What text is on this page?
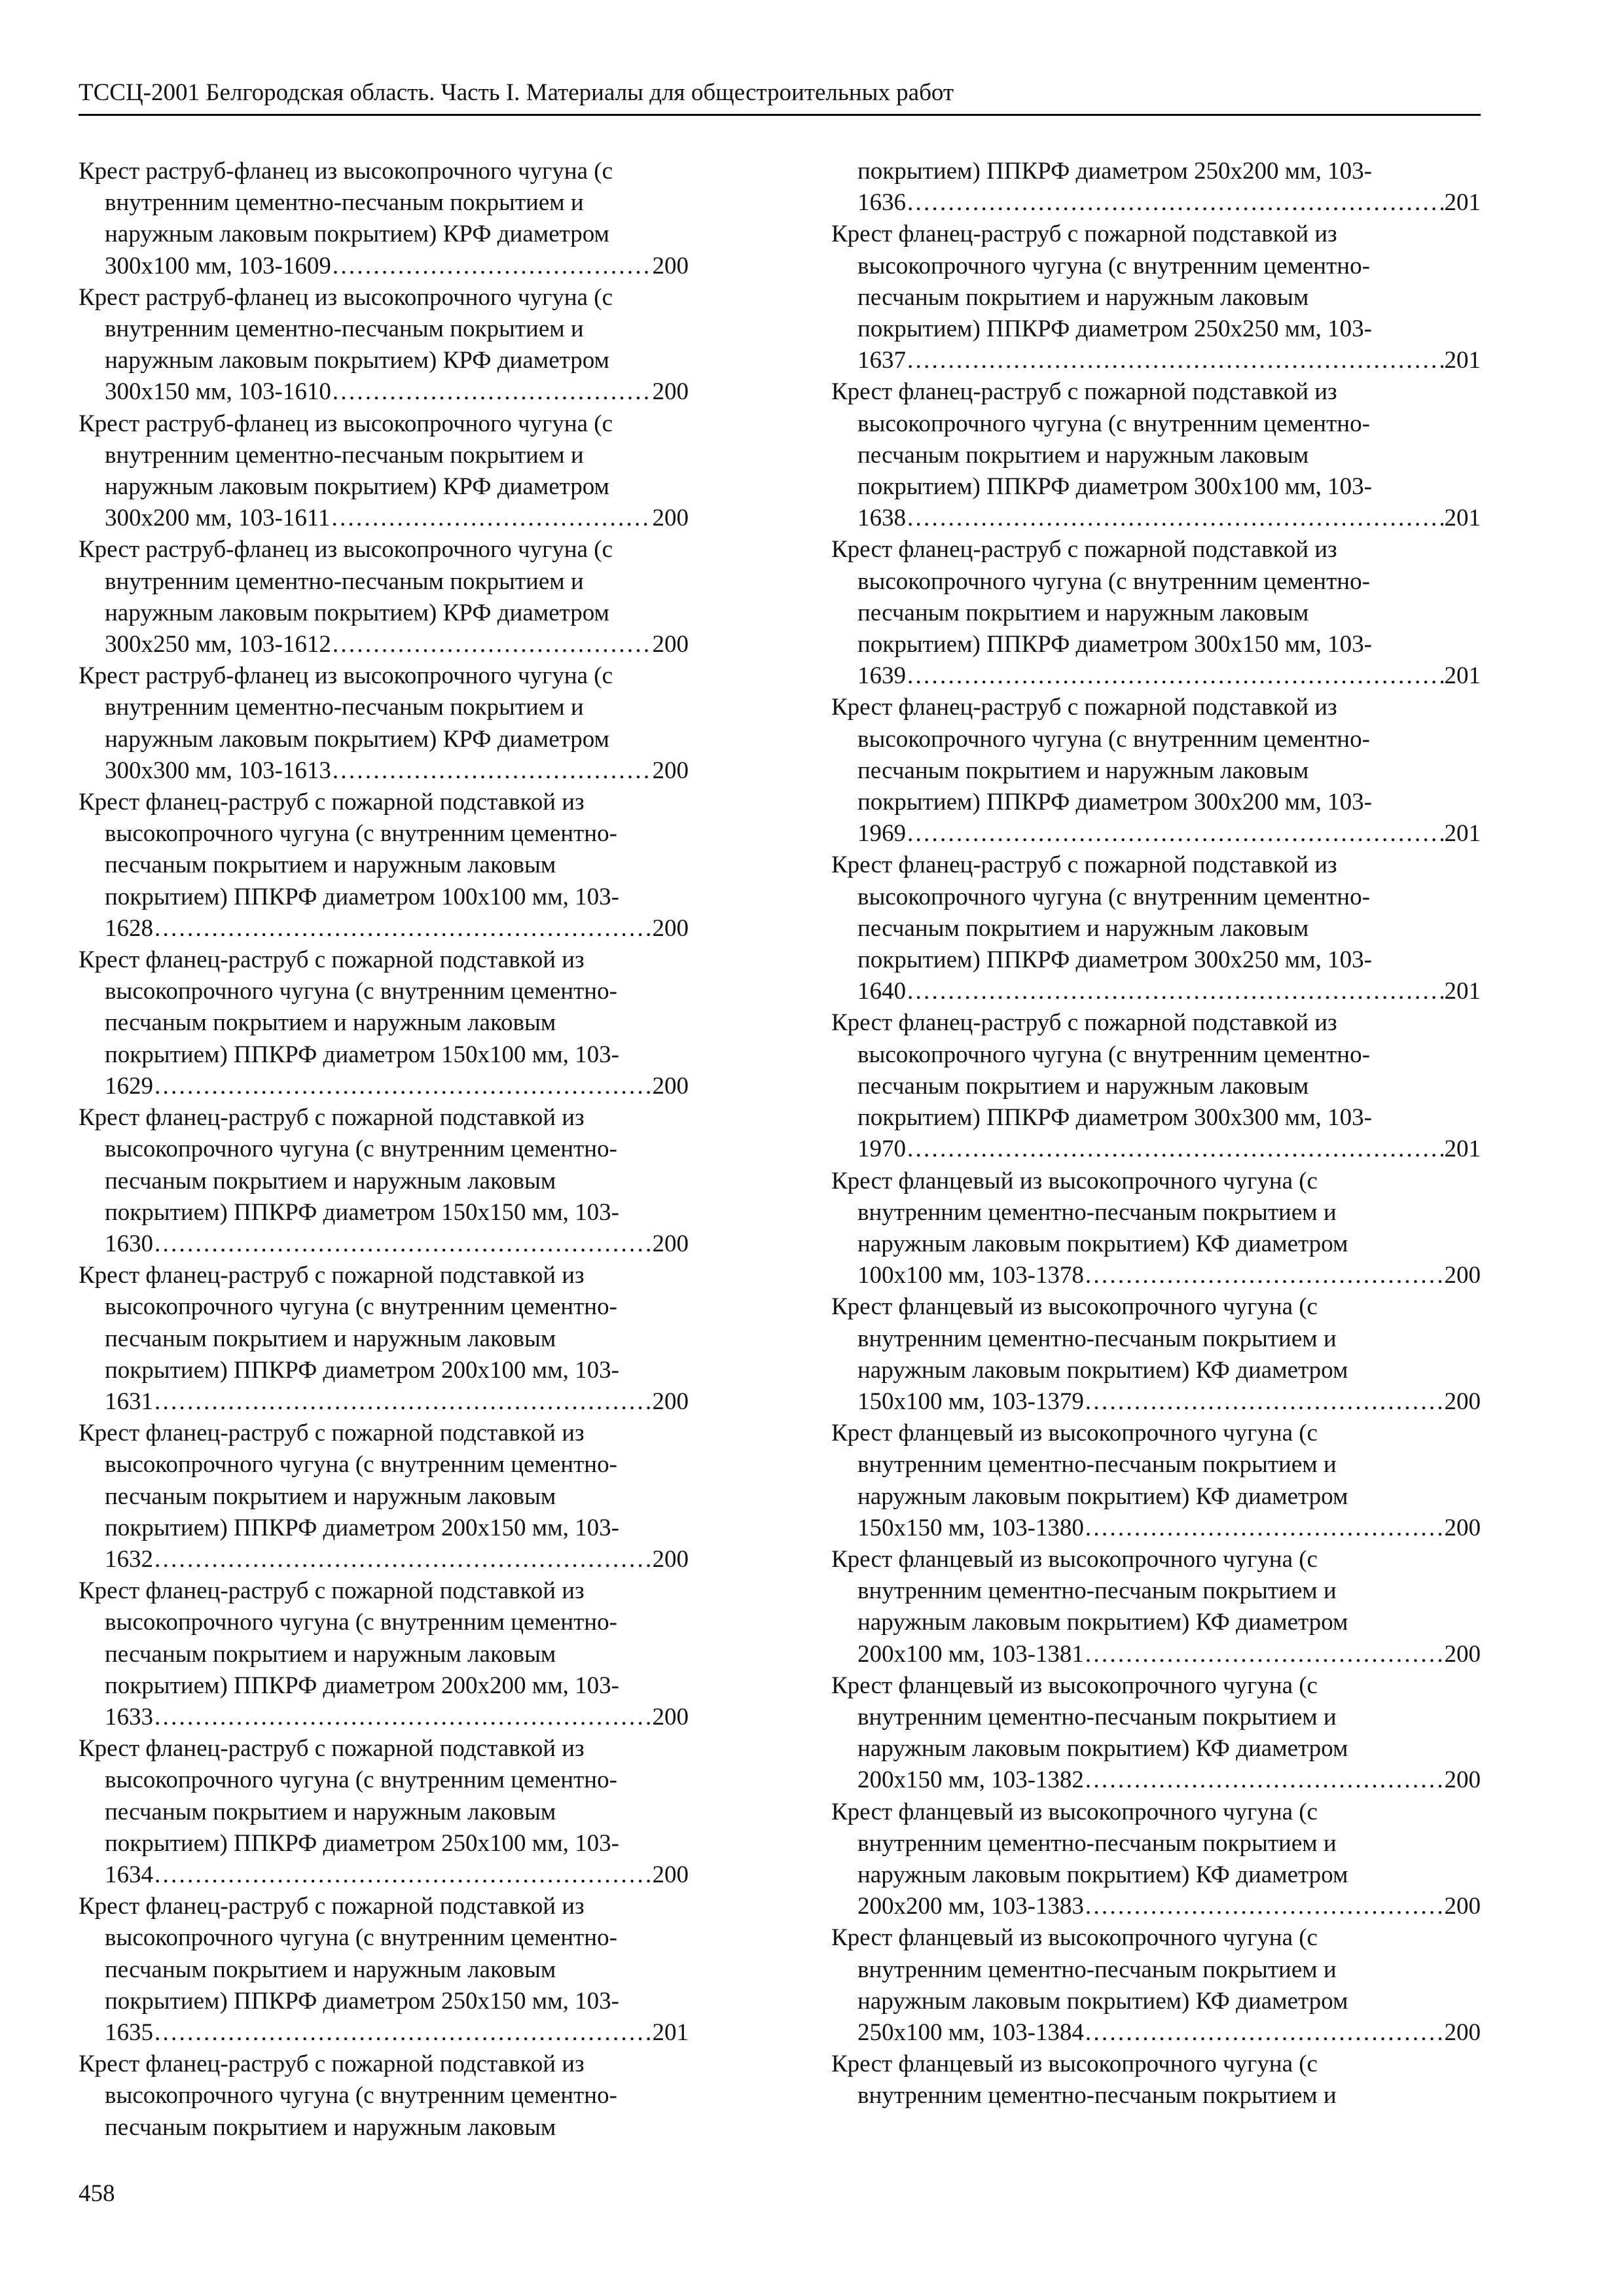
ТССЦ-2001 Белгородская область. Часть I. Материалы для общестроительных работ
Крест раструб-фланец из высокопрочного чугуна (с
внутренним цементно-песчаным покрытием и
наружным лаковым покрытием) КРФ диаметром
300x100 мм, 103-1609 . . .	200
Крест раструб-фланец из высокопрочного чугуна (с
внутренним цементно-песчаным покрытием и
наружным лаковым покрытием) КРФ диаметром
300x150 мм, 103-1610 . . .	200
Крест раструб-фланец из высокопрочного чугуна (с
внутренним цементно-песчаным покрытием и
наружным лаковым покрытием) КРФ диаметром
300x200 мм, 103-1611 . . .	200
Крест раструб-фланец из высокопрочного чугуна (с
внутренним цементно-песчаным покрытием и
наружным лаковым покрытием) КРФ диаметром
300x250 мм, 103-1612 . . .	200
Крест раструб-фланец из высокопрочного чугуна (с
внутренним цементно-песчаным покрытием и
наружным лаковым покрытием) КРФ диаметром
300x300 мм, 103-1613 . . .	200
Крест фланец-раструб с пожарной подставкой из
высокопрочного чугуна (с внутренним цементно-
песчаным покрытием и наружным лаковым
покрытием) ППКРФ диаметром 100x100 мм, 103-
1628 . . .	200
Крест фланец-раструб с пожарной подставкой из
высокопрочного чугуна (с внутренним цементно-
песчаным покрытием и наружным лаковым
покрытием) ППКРФ диаметром 150x100 мм, 103-
1629 . . .	200
Крест фланец-раструб с пожарной подставкой из
высокопрочного чугуна (с внутренним цементно-
песчаным покрытием и наружным лаковым
покрытием) ППКРФ диаметром 150x150 мм, 103-
1630 . . .	200
Крест фланец-раструб с пожарной подставкой из
высокопрочного чугуна (с внутренним цементно-
песчаным покрытием и наружным лаковым
покрытием) ППКРФ диаметром 200x100 мм, 103-
1631 . . .	200
Крест фланец-раструб с пожарной подставкой из
высокопрочного чугуна (с внутренним цементно-
песчаным покрытием и наружным лаковым
покрытием) ППКРФ диаметром 200x150 мм, 103-
1632 . . .	200
Крест фланец-раструб с пожарной подставкой из
высокопрочного чугуна (с внутренним цементно-
песчаным покрытием и наружным лаковым
покрытием) ППКРФ диаметром 200x200 мм, 103-
1633 . . .	200
Крест фланец-раструб с пожарной подставкой из
высокопрочного чугуна (с внутренним цементно-
песчаным покрытием и наружным лаковым
покрытием) ППКРФ диаметром 250x100 мм, 103-
1634 . . .	200
Крест фланец-раструб с пожарной подставкой из
высокопрочного чугуна (с внутренним цементно-
песчаным покрытием и наружным лаковым
покрытием) ППКРФ диаметром 250x150 мм, 103-
1635 . . .	201
Крест фланец-раструб с пожарной подставкой из
высокопрочного чугуна (с внутренним цементно-
песчаным покрытием и наружным лаковым
покрытием) ППКРФ диаметром 250x200 мм, 103-
1636 . . .	201
Крест фланец-раструб с пожарной подставкой из
высокопрочного чугуна (с внутренним цементно-
песчаным покрытием и наружным лаковым
покрытием) ППКРФ диаметром 250x250 мм, 103-
1637 . . .	201
Крест фланец-раструб с пожарной подставкой из
высокопрочного чугуна (с внутренним цементно-
песчаным покрытием и наружным лаковым
покрытием) ППКРФ диаметром 300x100 мм, 103-
1638 . . .	201
Крест фланец-раструб с пожарной подставкой из
высокопрочного чугуна (с внутренним цементно-
песчаным покрытием и наружным лаковым
покрытием) ППКРФ диаметром 300x150 мм, 103-
1639 . . .	201
Крест фланец-раструб с пожарной подставкой из
высокопрочного чугуна (с внутренним цементно-
песчаным покрытием и наружным лаковым
покрытием) ППКРФ диаметром 300x200 мм, 103-
1969 . . .	201
Крест фланец-раструб с пожарной подставкой из
высокопрочного чугуна (с внутренним цементно-
песчаным покрытием и наружным лаковым
покрытием) ППКРФ диаметром 300x250 мм, 103-
1640 . . .	201
Крест фланец-раструб с пожарной подставкой из
высокопрочного чугуна (с внутренним цементно-
песчаным покрытием и наружным лаковым
покрытием) ППКРФ диаметром 300x300 мм, 103-
1970 . . .	201
Крест фланцевый из высокопрочного чугуна (с
внутренним цементно-песчаным покрытием и
наружным лаковым покрытием) КФ диаметром
100x100 мм, 103-1378 . . .	200
Крест фланцевый из высокопрочного чугуна (с
внутренним цементно-песчаным покрытием и
наружным лаковым покрытием) КФ диаметром
150x100 мм, 103-1379 . . .	200
Крест фланцевый из высокопрочного чугуна (с
внутренним цементно-песчаным покрытием и
наружным лаковым покрытием) КФ диаметром
150x150 мм, 103-1380 . . .	200
Крест фланцевый из высокопрочного чугуна (с
внутренним цементно-песчаным покрытием и
наружным лаковым покрытием) КФ диаметром
200x100 мм, 103-1381 . . .	200
Крест фланцевый из высокопрочного чугуна (с
внутренним цементно-песчаным покрытием и
наружным лаковым покрытием) КФ диаметром
200x150 мм, 103-1382 . . .	200
Крест фланцевый из высокопрочного чугуна (с
внутренним цементно-песчаным покрытием и
наружным лаковым покрытием) КФ диаметром
200x200 мм, 103-1383 . . .	200
Крест фланцевый из высокопрочного чугуна (с
внутренним цементно-песчаным покрытием и
наружным лаковым покрытием) КФ диаметром
250x100 мм, 103-1384 . . .	200
Крест фланцевый из высокопрочного чугуна (с
внутренним цементно-песчаным покрытием и
458
